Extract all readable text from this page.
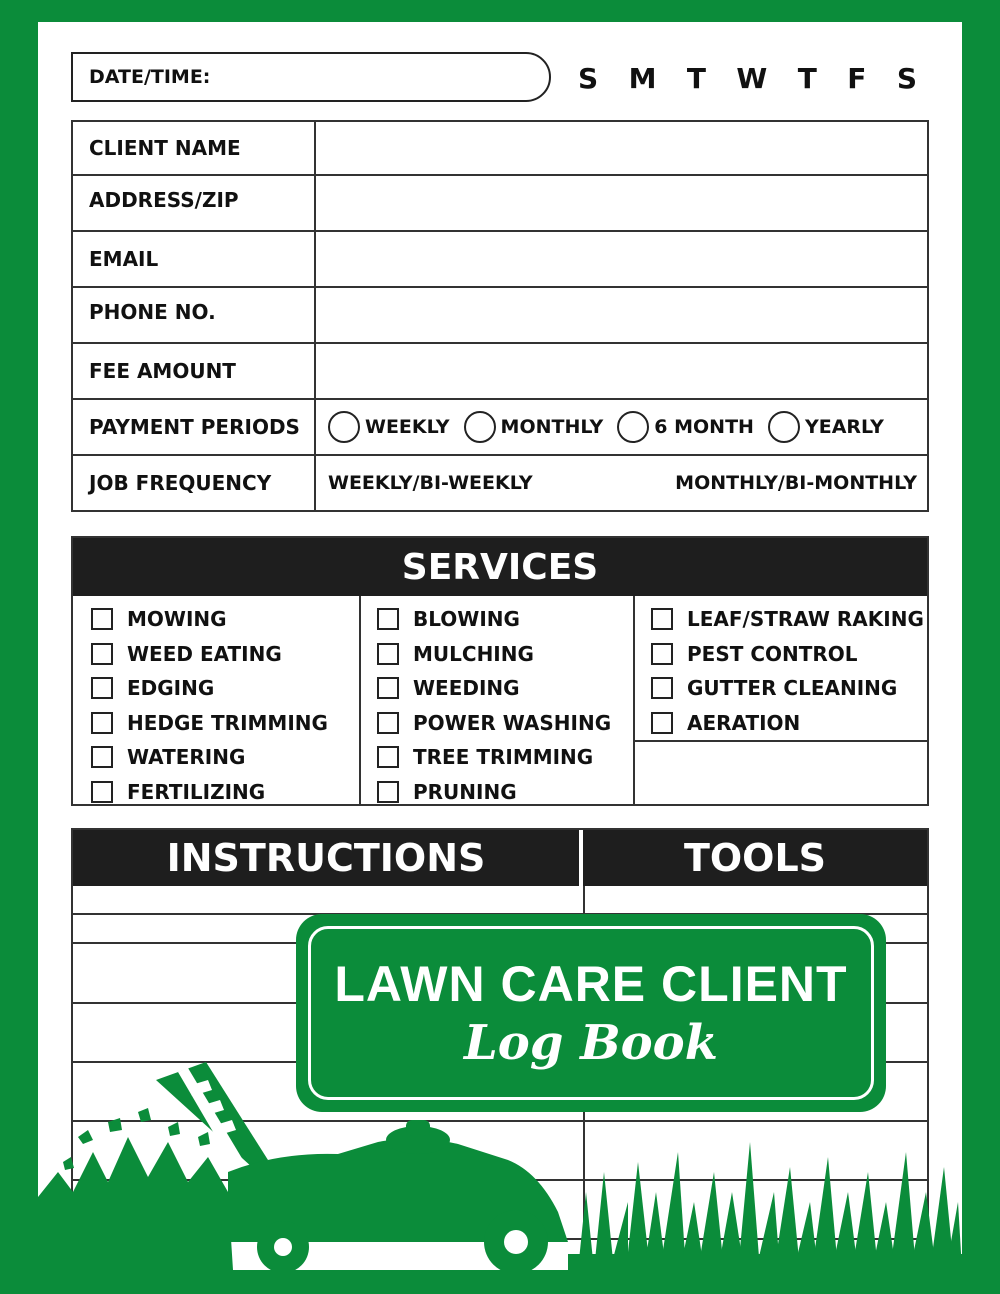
DATE/TIME:	S M T W T F S
CLIENT NAME
ADDRESS/ZIP
EMAIL
PHONE NO.
FEE AMOUNT
PAYMENT PERIODS	WEEKLY	MONTHLY	6 MONTH	YEARLY
JOB FREQUENCY	WEEKLY/BI-WEEKLY	MONTHLY/BI-MONTHLY
SERVICES
MOWING
WEED EATING
EDGING
HEDGE TRIMMING
WATERING
FERTILIZING
BLOWING
MULCHING
WEEDING
POWER WASHING
TREE TRIMMING
PRUNING
LEAF/STRAW RAKING
PEST CONTROL
GUTTER CLEANING
AERATION
INSTRUCTIONS	TOOLS
LAWN CARE CLIENT
Log Book
